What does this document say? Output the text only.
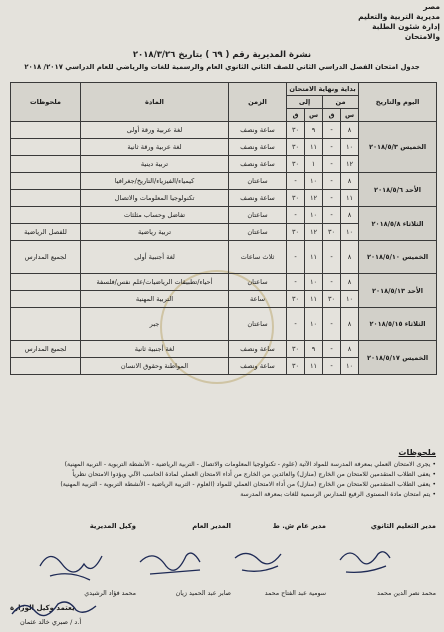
مصر
مديرية التربية والتعليم
إدارة شئون الطلبة والامتحان
نشرة المديرية رقم ( ٦٩ ) بتاريخ ٢٠١٨/٣/٢٦
جدول امتحان الفصل الدراسي الثاني للصف الثاني الثانوي العام والرسمية للغات والرياضي للعام الدراسي ٢٠١٧/ ٢٠١٨
اليوم والتاريخ	بداية ونهاية الامتحان				الزمن	المادة	ملحوظات
	من		إلى				
	س	ق	س	ق			
الخميس ٢٠١٨/٥/٣	٨	-	٩	٣٠	ساعة ونصف	لغة عربية ورقة أولى	
	١٠	-	١١	٣٠	ساعة ونصف	لغة عربية ورقة ثانية	
	١٢	-	١	٣٠	ساعة ونصف	تربية دينية	
الأحد ٢٠١٨/٥/٦	٨	-	١٠	-	ساعتان	كيمياء/الفيزياء/التاريخ/جغرافيا	
	١١	-	١٢	٣٠	ساعة ونصف	تكنولوجيا المعلومات والاتصال	
الثلاثاء ٢٠١٨/٥/٨	٨	-	١٠	-	ساعتان	تفاضل وحساب مثلثات	
	١٠	٣٠	١٢	٣٠	ساعتان	تربية رياضية	للفصل الرياضية
الخميس ٢٠١٨/٥/١٠	٨	-	١١	-	ثلاث ساعات	لغة أجنبية أولى	لجميع المدارس
الأحد ٢٠١٨/٥/١٣	٨	-	١٠	-	ساعتان	أحياء/تطبيقات الرياضيات/علم نفس/فلسفة	
	١٠	٣٠	١١	٣٠	ساعة	التربية المهنية	
الثلاثاء ٢٠١٨/٥/١٥	٨	-	١٠	-	ساعتان	جبر	
الخميس ٢٠١٨/٥/١٧	٨	-	٩	٣٠	ساعة ونصف	لغة أجنبية ثانية	لجميع المدارس
	١٠	-	١١	٣٠	ساعة ونصف	المواطنة وحقوق الانسان	
ملحوظات
• يجرى الامتحان العملي بمعرفة المدرسة للمواد الآتية (علوم - تكنولوجيا المعلومات والاتصال - التربية الرياضية - الأنشطة التربوية - التربية المهنية)
• يعفى الطلاب المتقدمين للامتحان من الخارج (منازل) والعائدين من الخارج من أداء الامتحان العملي لمادة الحاسب الآلي ويؤدوا الامتحان نظرياً
• يعفى الطلاب المتقدمين للامتحان من الخارج (منازل) من أداء الامتحان العملي للمواد (العلوم - التربية الرياضية - الأنشطة التربوية - التربية المهنية)
• يتم امتحان مادة المستوى الرفيع للمدارس الرسمية للغات بمعرفة المدرسة
مدير التعليم الثانوي
مدير عام ش. ط
المدير العام
وكيل المديرية
محمد نصر الدين محمد
سومية عبد الفتاح محمد
صابر عبد الحميد زيان
محمد فؤاد الرشيدي
يعتمد وكيل الوزارة
أ.د / صبري خالد عثمان
